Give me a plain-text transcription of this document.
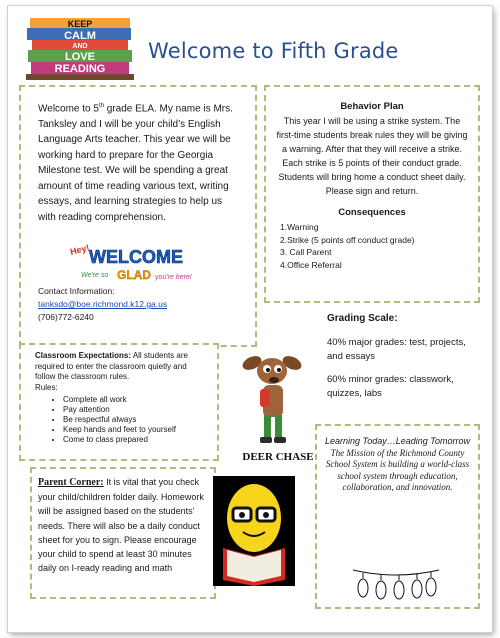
KEEP
CALM
AND
LOVE
READING
Welcome to Fifth Grade

Welcome to 5th grade ELA. My name is Mrs. Tanksley and I will be your child’s English Language Arts teacher. This year we will be working hard to prepare for the Georgia Milestone test. We will be spending a great amount of time reading various text, writing essays, and learning strategies to help us with reading comprehension.

Hey!
WELCOME
We're so GLAD you're here!
Contact Information:
tanksdo@boe.richmond.k12.ga.us
(706)772-6240
Behavior Plan
This year I will be using a strike system. The first-time students break rules they will be giving a warning. After that they will receive a strike. Each strike is 5 points of their conduct grade. Students will bring home a conduct sheet daily. Please sign and return.
Consequences
1.Warning
2.Strike (5 points off conduct grade)
3. Call Parent
4.Office Referral
Grading Scale:
40% major grades: test, projects, and essays
60% minor grades: classwork, quizzes, labs
Classroom Expectations: All students are required to enter the classroom quietly and follow the classroom rules.
Rules:
• Complete all work
• Pay attention
• Be respectful always
• Keep hands and feet to yourself
• Come to class prepared
DEER CHASE
Parent Corner: It is vital that you check your child/children folder daily. Homework will be assigned based on the students’ needs. There will also be a daily conduct sheet for you to sign. Please encourage your child to spend at least 30 minutes daily on I-ready reading and math
Learning Today…Leading Tomorrow
The Mission of the Richmond County School System is building a world-class school system through education, collaboration, and innovation.
